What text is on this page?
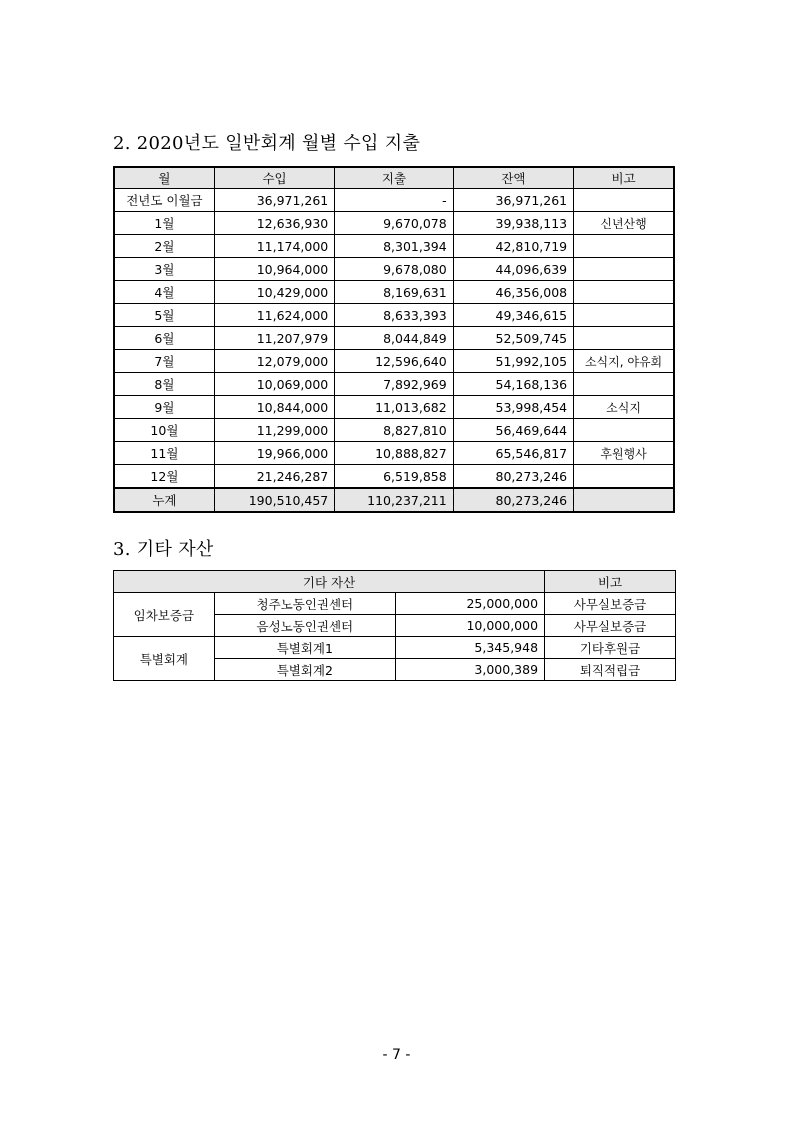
2. 2020년도 일반회계 월별 수입 지출
월	수입	지출	잔액	비고
전년도 이월금	36,971,261	-	36,971,261	
1월	12,636,930	9,670,078	39,938,113	신년산행
2월	11,174,000	8,301,394	42,810,719	
3월	10,964,000	9,678,080	44,096,639	
4월	10,429,000	8,169,631	46,356,008	
5월	11,624,000	8,633,393	49,346,615	
6월	11,207,979	8,044,849	52,509,745	
7월	12,079,000	12,596,640	51,992,105	소식지, 야유회
8월	10,069,000	7,892,969	54,168,136	
9월	10,844,000	11,013,682	53,998,454	소식지
10월	11,299,000	8,827,810	56,469,644	
11월	19,966,000	10,888,827	65,546,817	후원행사
12월	21,246,287	6,519,858	80,273,246	
누계	190,510,457	110,237,211	80,273,246	
3. 기타 자산
기타 자산			비고
임차보증금	청주노동인권센터	25,000,000	사무실보증금
	음성노동인권센터	10,000,000	사무실보증금
특별회계	특별회계1	5,345,948	기타후원금
	특별회계2	3,000,389	퇴직적립금
- 7 -
